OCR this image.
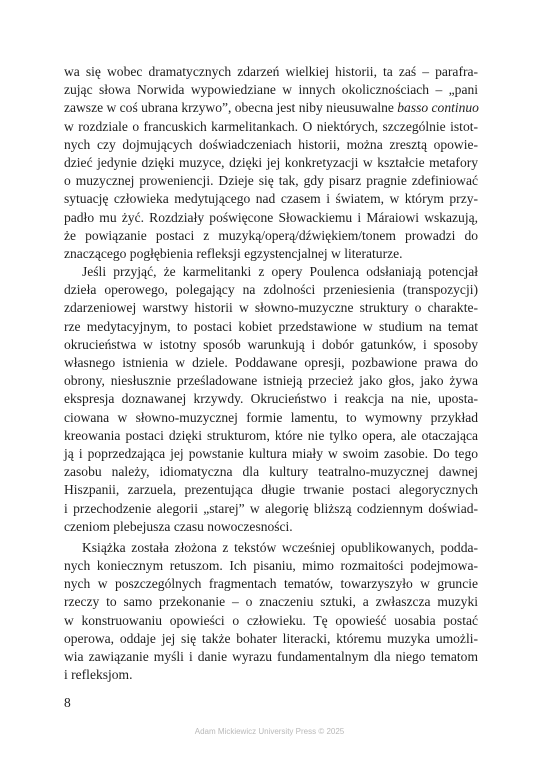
wa się wobec dramatycznych zdarzeń wielkiej historii, ta zaś – parafra-
zując słowa Norwida wypowiedziane w innych okolicznościach – „pani
zawsze w coś ubrana krzywo”, obecna jest niby nieusuwalne basso continuo
w rozdziale o francuskich karmelitankach. O niektórych, szczególnie istot-
nych czy dojmujących doświadczeniach historii, można zresztą opowie-
dzieć jedynie dzięki muzyce, dzięki jej konkretyzacji w kształcie metafory
o muzycznej proweniencji. Dzieje się tak, gdy pisarz pragnie zdefiniować
sytuację człowieka medytującego nad czasem i światem, w którym przy-
padło mu żyć. Rozdziały poświęcone Słowackiemu i Máraiowi wskazują,
że powiązanie postaci z muzyką/operą/dźwiękiem/tonem prowadzi do
znaczącego pogłębienia refleksji egzystencjalnej w literaturze.
Jeśli przyjąć, że karmelitanki z opery Poulenca odsłaniają potencjał
dzieła operowego, polegający na zdolności przeniesienia (transpozycji)
zdarzeniowej warstwy historii w słowno-muzyczne struktury o charakte-
rze medytacyjnym, to postaci kobiet przedstawione w studium na temat
okrucieństwa w istotny sposób warunkują i dobór gatunków, i sposoby
własnego istnienia w dziele. Poddawane opresji, pozbawione prawa do
obrony, niesłusznie prześladowane istnieją przecież jako głos, jako żywa
ekspresja doznawanej krzywdy. Okrucieństwo i reakcja na nie, uposta-
ciowana w słowno-muzycznej formie lamentu, to wymowny przykład
kreowania postaci dzięki strukturom, które nie tylko opera, ale otaczająca
ją i poprzedzająca jej powstanie kultura miały w swoim zasobie. Do tego
zasobu należy, idiomatyczna dla kultury teatralno-muzycznej dawnej
Hiszpanii, zarzuela, prezentująca długie trwanie postaci alegorycznych
i przechodzenie alegorii „starej” w alegorię bliższą codziennym doświad-
czeniom plebejusza czasu nowoczesności.
Książka została złożona z tekstów wcześniej opublikowanych, podda-
nych koniecznym retuszom. Ich pisaniu, mimo rozmaitości podejmowa-
nych w poszczególnych fragmentach tematów, towarzyszyło w gruncie
rzeczy to samo przekonanie – o znaczeniu sztuki, a zwłaszcza muzyki
w konstruowaniu opowieści o człowieku. Tę opowieść uosabia postać
operowa, oddaje jej się także bohater literacki, któremu muzyka umożli-
wia zawiązanie myśli i danie wyrazu fundamentalnym dla niego tematom
i refleksjom.
8
Adam Mickiewicz University Press © 2025
